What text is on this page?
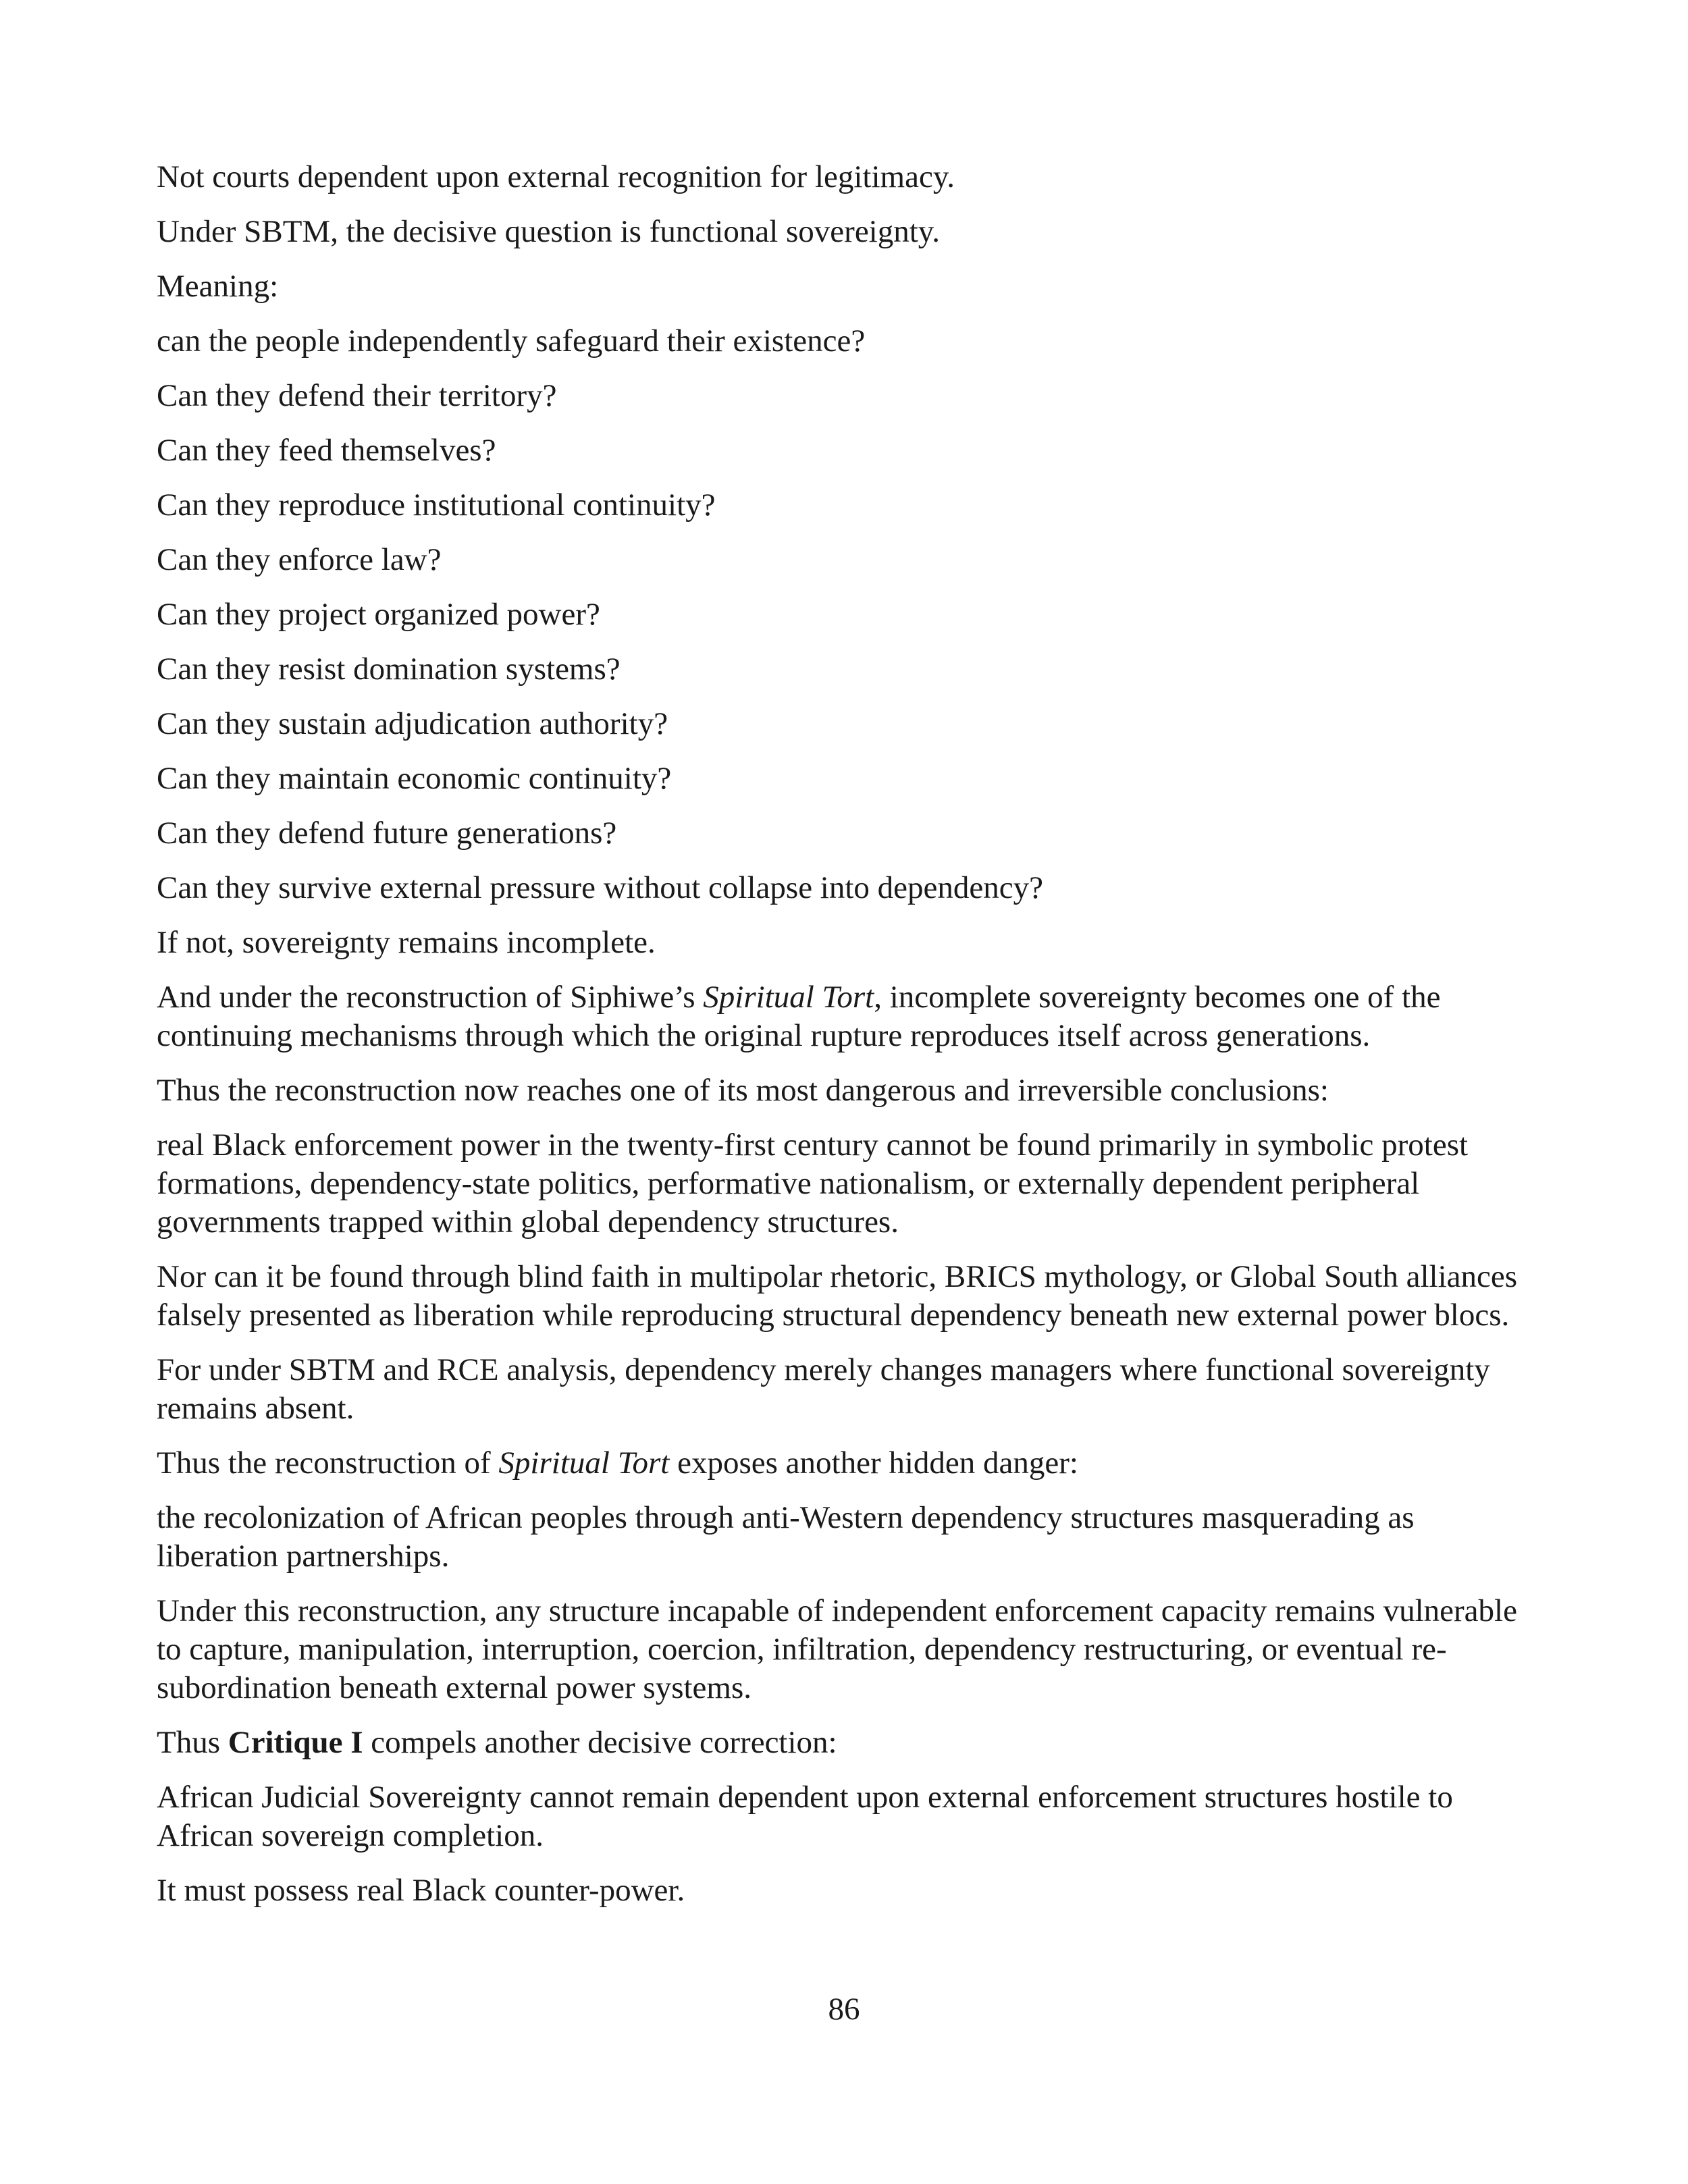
Not courts dependent upon external recognition for legitimacy.

Under SBTM, the decisive question is functional sovereignty.

Meaning:

can the people independently safeguard their existence?

Can they defend their territory?

Can they feed themselves?

Can they reproduce institutional continuity?

Can they enforce law?

Can they project organized power?

Can they resist domination systems?

Can they sustain adjudication authority?

Can they maintain economic continuity?

Can they defend future generations?

Can they survive external pressure without collapse into dependency?

If not, sovereignty remains incomplete.

And under the reconstruction of Siphiwe’s Spiritual Tort, incomplete sovereignty becomes one of the continuing mechanisms through which the original rupture reproduces itself across generations.

Thus the reconstruction now reaches one of its most dangerous and irreversible conclusions:

real Black enforcement power in the twenty-first century cannot be found primarily in symbolic protest formations, dependency-state politics, performative nationalism, or externally dependent peripheral governments trapped within global dependency structures.

Nor can it be found through blind faith in multipolar rhetoric, BRICS mythology, or Global South alliances falsely presented as liberation while reproducing structural dependency beneath new external power blocs.

For under SBTM and RCE analysis, dependency merely changes managers where functional sovereignty remains absent.

Thus the reconstruction of Spiritual Tort exposes another hidden danger:

the recolonization of African peoples through anti-Western dependency structures masquerading as liberation partnerships.

Under this reconstruction, any structure incapable of independent enforcement capacity remains vulnerable to capture, manipulation, interruption, coercion, infiltration, dependency restructuring, or eventual re-subordination beneath external power systems.

Thus Critique I compels another decisive correction:

African Judicial Sovereignty cannot remain dependent upon external enforcement structures hostile to African sovereign completion.

It must possess real Black counter-power.

86
